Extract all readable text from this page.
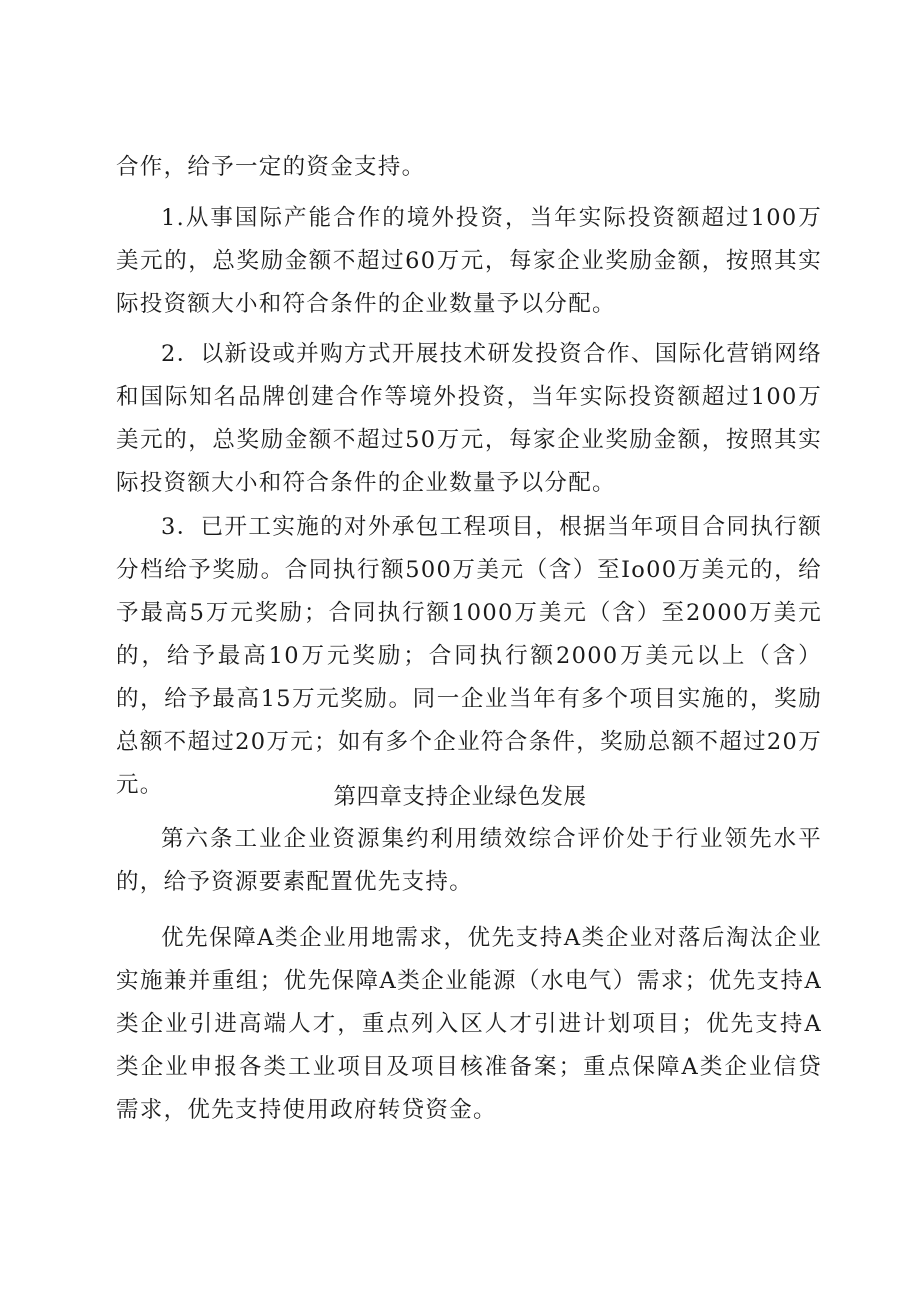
合作，给予一定的资金支持。

1.从事国际产能合作的境外投资，当年实际投资额超过100万美元的，总奖励金额不超过60万元，每家企业奖励金额，按照其实际投资额大小和符合条件的企业数量予以分配。

2．以新设或并购方式开展技术研发投资合作、国际化营销网络和国际知名品牌创建合作等境外投资，当年实际投资额超过100万美元的，总奖励金额不超过50万元，每家企业奖励金额，按照其实际投资额大小和符合条件的企业数量予以分配。

3．已开工实施的对外承包工程项目，根据当年项目合同执行额分档给予奖励。合同执行额500万美元（含）至Io00万美元的，给予最高5万元奖励；合同执行额1000万美元（含）至2000万美元的，给予最高10万元奖励；合同执行额2000万美元以上（含）的，给予最高15万元奖励。同一企业当年有多个项目实施的，奖励总额不超过20万元；如有多个企业符合条件，奖励总额不超过20万元。	第四章支持企业绿色发展

第六条工业企业资源集约利用绩效综合评价处于行业领先水平的，给予资源要素配置优先支持。

优先保障A类企业用地需求，优先支持A类企业对落后淘汰企业实施兼并重组；优先保障A类企业能源（水电气）需求；优先支持A类企业引进高端人才，重点列入区人才引进计划项目；优先支持A类企业申报各类工业项目及项目核准备案；重点保障A类企业信贷需求，优先支持使用政府转贷资金。
